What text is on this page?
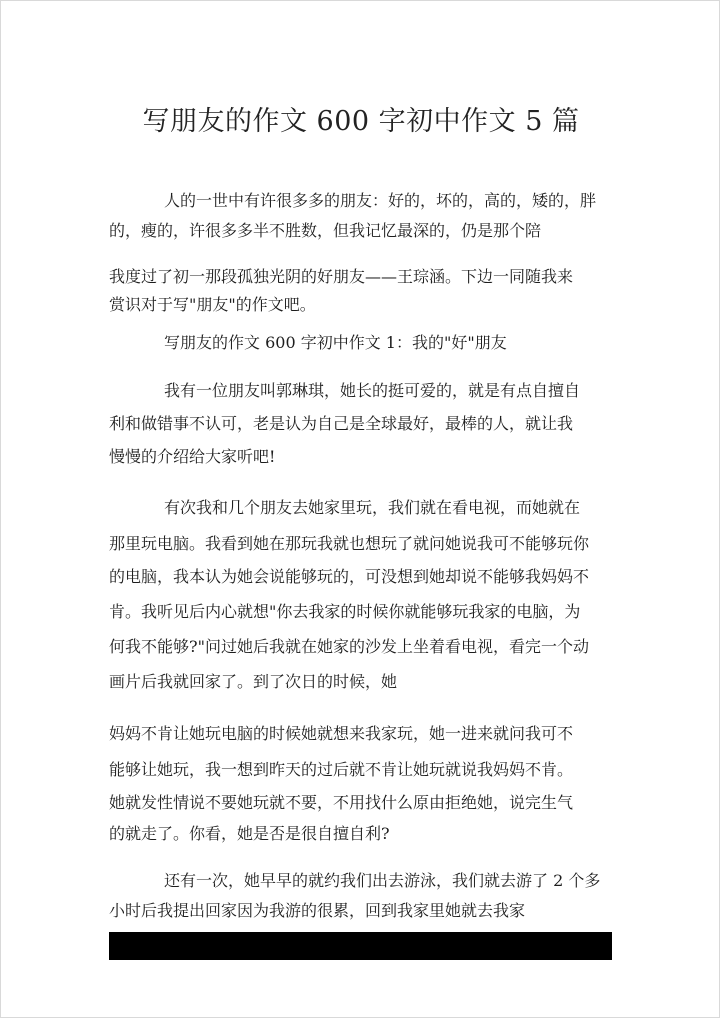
写朋友的作文 600 字初中作文 5 篇

人的一世中有许很多多的朋友：好的，坏的，高的，矮的，胖

的，瘦的，许很多多半不胜数，但我记忆最深的，仍是那个陪

我度过了初一那段孤独光阴的好朋友——王琮涵。下边一同随我来

赏识对于写"朋友"的作文吧。

写朋友的作文 600 字初中作文 1：我的"好"朋友

我有一位朋友叫郭琳琪，她长的挺可爱的，就是有点自擅自

利和做错事不认可，老是认为自己是全球最好，最棒的人，就让我

慢慢的介绍给大家听吧!

有次我和几个朋友去她家里玩，我们就在看电视，而她就在

那里玩电脑。我看到她在那玩我就也想玩了就问她说我可不能够玩你

的电脑，我本认为她会说能够玩的，可没想到她却说不能够我妈妈不

肯。我听见后内心就想"你去我家的时候你就能够玩我家的电脑，为

何我不能够?"问过她后我就在她家的沙发上坐着看电视，看完一个动

画片后我就回家了。到了次日的时候，她

妈妈不肯让她玩电脑的时候她就想来我家玩，她一进来就问我可不

能够让她玩，我一想到昨天的过后就不肯让她玩就说我妈妈不肯。

她就发性情说不要她玩就不要，不用找什么原由拒绝她，说完生气

的就走了。你看，她是否是很自擅自利?

还有一次，她早早的就约我们出去游泳，我们就去游了 2 个多

小时后我提出回家因为我游的很累，回到我家里她就去我家
